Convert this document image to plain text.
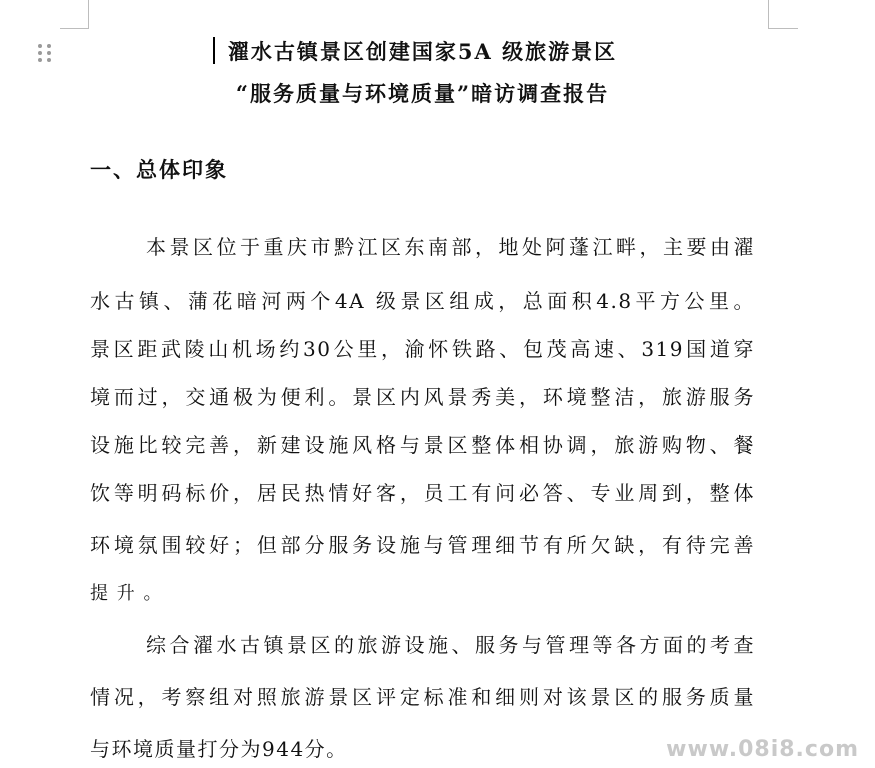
濯水古镇景区创建国家5A 级旅游景区
“服务质量与环境质量”暗访调查报告
一、总体印象
本景区位于重庆市黔江区东南部，地处阿蓬江畔，主要由濯
水古镇、蒲花暗河两个4A 级景区组成，总面积4.8平方公里。
景区距武陵山机场约30公里，渝怀铁路、包茂高速、319国道穿
境而过，交通极为便利。景区内风景秀美，环境整洁，旅游服务
设施比较完善，新建设施风格与景区整体相协调，旅游购物、餐
饮等明码标价，居民热情好客，员工有问必答、专业周到，整体
环境氛围较好；但部分服务设施与管理细节有所欠缺，有待完善
提 升 。
综合濯水古镇景区的旅游设施、服务与管理等各方面的考查
情况，考察组对照旅游景区评定标准和细则对该景区的服务质量
与环境质量打分为944分。	www.08i8.com
